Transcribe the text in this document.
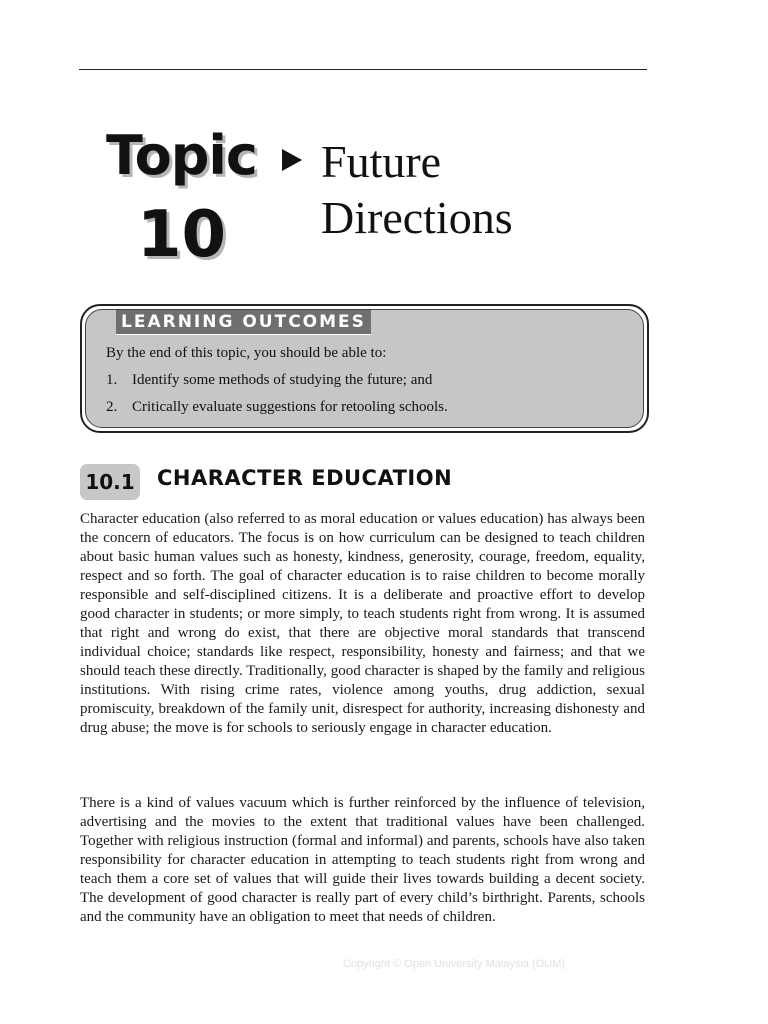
Topic
10
Future
Directions
LEARNING OUTCOMES
By the end of this topic, you should be able to:
1. Identify some methods of studying the future; and
2. Critically evaluate suggestions for retooling schools.
10.1 CHARACTER EDUCATION

Character education (also referred to as moral education or values education) has always been the concern of educators. The focus is on how curriculum can be designed to teach children about basic human values such as honesty, kindness, generosity, courage, freedom, equality, respect and so forth. The goal of character education is to raise children to become morally responsible and self-disciplined citizens. It is a deliberate and proactive effort to develop good character in students; or more simply, to teach students right from wrong. It is assumed that right and wrong do exist, that there are objective moral standards that transcend individual choice; standards like respect, responsibility, honesty and fairness; and that we should teach these directly. Traditionally, good character is shaped by the family and religious institutions. With rising crime rates, violence among youths, drug addiction, sexual promiscuity, breakdown of the family unit, disrespect for authority, increasing dishonesty and drug abuse; the move is for schools to seriously engage in character education.

There is a kind of values vacuum which is further reinforced by the influence of television, advertising and the movies to the extent that traditional values have been challenged. Together with religious instruction (formal and informal) and parents, schools have also taken responsibility for character education in attempting to teach students right from wrong and teach them a core set of values that will guide their lives towards building a decent society. The development of good character is really part of every child’s birthright. Parents, schools and the community have an obligation to meet that needs of children.

Copyright © Open University Malaysia (OUM)
